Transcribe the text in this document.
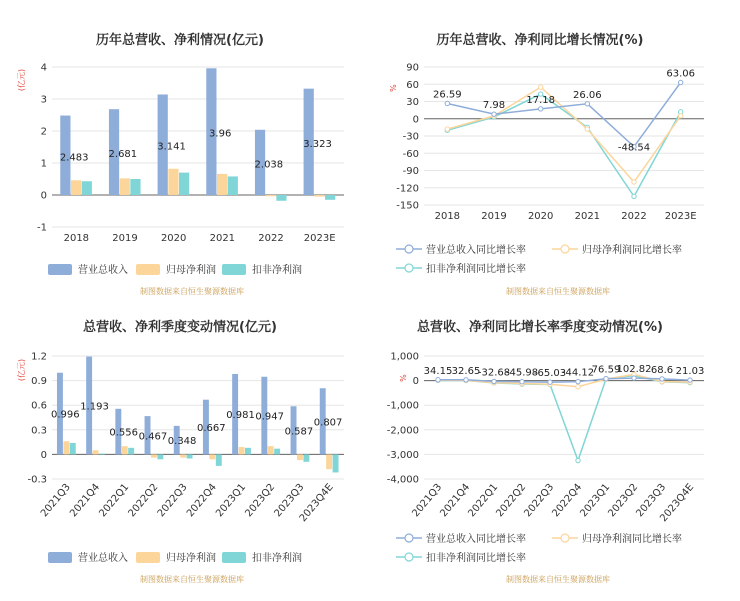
历年总营收、净利情况(亿元)
(亿元)
-1
0
1
2
3
4
2018 2019 2020 2021 2022 2023E
2.483 2.681
3.141
3.96
2.038
3.323
营业总收入	归母净利润	扣非净利润
制图数据来自恒生聚源数据库
历年总营收、净利同比增长情况(%)
%
-150
-120
-90
-60
-30
0
30
60
90
2018 2019 2020 2021 2022 2023E
26.59
7.98 17.18 26.06
-48.54
63.06
营业总收入同比增长率	归母净利润同比增长率
扣非净利润同比增长率
制图数据来自恒生聚源数据库
总营收、净利季度变动情况(亿元)
(亿元)
-0.3
0
0.3
0.6
0.9
1.2
2021Q3
2021Q4
2022Q1
2022Q2
2022Q3
2022Q4
2023Q1
2023Q2
2023Q3
2023Q4E
0.996
1.193
0.556 0.467 0.348
0.667
0.981 0.947
0.587
0.807
营业总收入	归母净利润	扣非净利润
制图数据来自恒生聚源数据库
总营收、净利同比增长率季度变动情况(%)
%
-4,000
-3,000
-2,000
-1,000
0
1,000
2021Q3
2021Q4
2022Q1
2022Q2
2022Q3
2022Q4
2023Q1
2023Q2
2023Q3
2023Q4E
34.15 32.65
-32.68
-45.98
-65.03
-44.12
76.59
102.82 68.6 21.03
营业总收入同比增长率	归母净利润同比增长率
扣非净利润同比增长率
制图数据来自恒生聚源数据库
